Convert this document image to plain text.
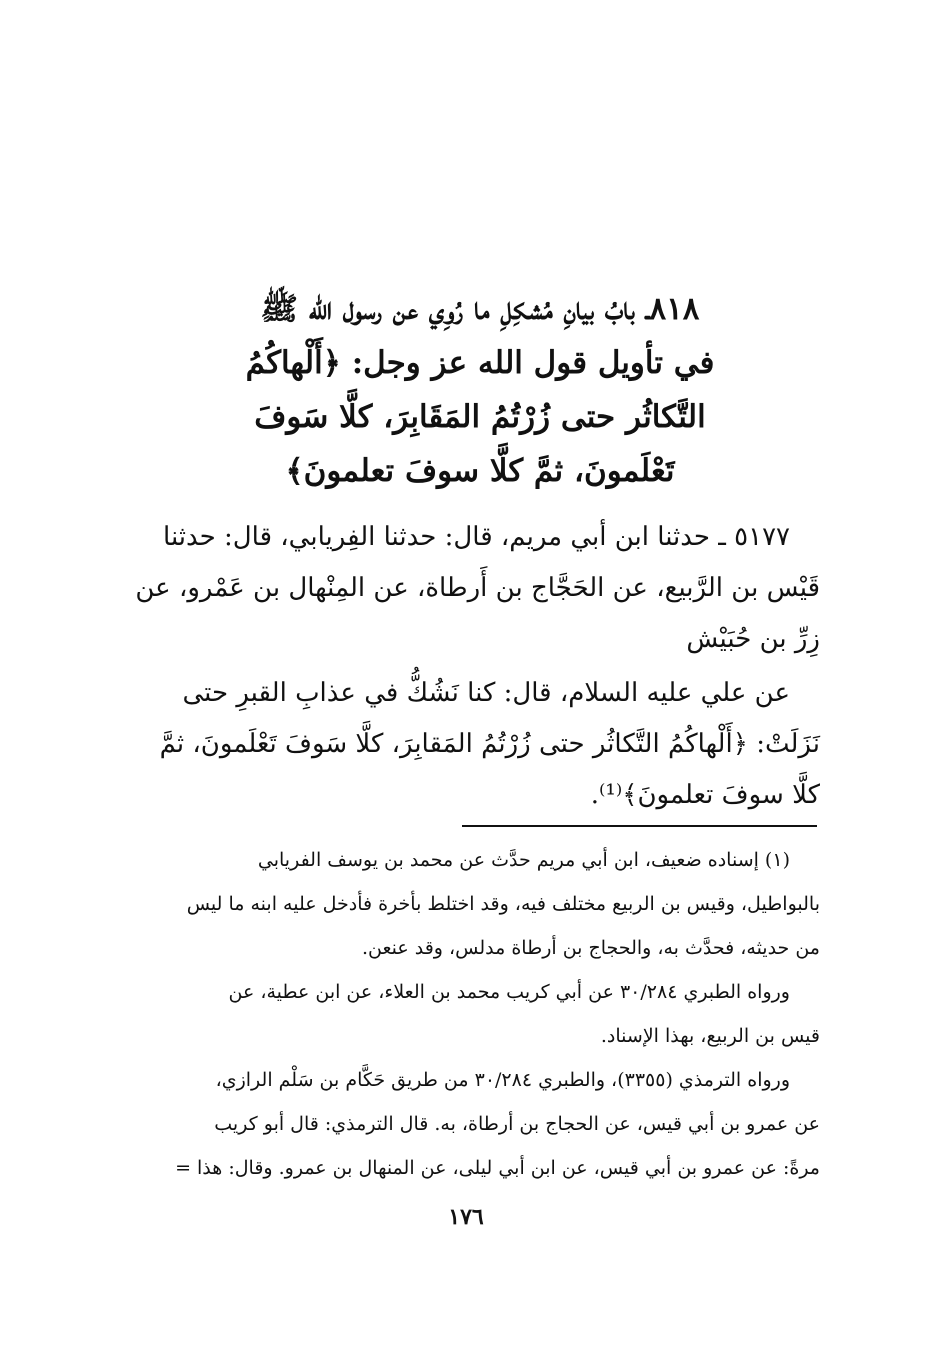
٨١٨ـ بابُ بيانِ مُشكِلِ ما رُوِي عن رسول الله ﷺ
في تأويل قول الله عز وجل: ﴿أَلْهاكُمُ
التَّكاثُر حتى زُرْتُمُ المَقَابِرَ، كلَّا سَوفَ
تَعْلَمونَ، ثمَّ كلَّا سوفَ تعلمونَ﴾

٥١٧٧ ـ حدثنا ابن أبي مريم، قال: حدثنا الفِريابي، قال: حدثنا
قَيْس بن الرَّبيع، عن الحَجَّاج بن أَرطاة، عن المِنْهال بن عَمْرو، عن
زِرِّ بن حُبَيْش

عن علي عليه السلام، قال: كنا نَشُكُّ في عذابِ القبرِ حتى
نَزَلَتْ: ﴿أَلْهاكُمُ التَّكاثُر حتى زُرْتُمُ المَقابِرَ، كلَّا سَوفَ تَعْلَمونَ، ثمَّ
كلَّا سوفَ تعلمونَ﴾⁽¹⁾.

(١) إسناده ضعيف، ابن أبي مريم حدَّث عن محمد بن يوسف الفريابي
بالبواطيل، وقيس بن الربيع مختلف فيه، وقد اختلط بأخرة فأدخل عليه ابنه ما ليس
من حديثه، فحدَّث به، والحجاج بن أرطاة مدلس، وقد عنعن.
ورواه الطبري ٣٠/٢٨٤ عن أبي كريب محمد بن العلاء، عن ابن عطية، عن
قيس بن الربيع، بهذا الإسناد.
ورواه الترمذي (٣٣٥٥)، والطبري ٣٠/٢٨٤ من طريق حَكَّام بن سَلْم الرازي،
عن عمرو بن أبي قيس، عن الحجاج بن أرطاة، به. قال الترمذي: قال أبو كريب
مرةً: عن عمرو بن أبي قيس، عن ابن أبي ليلى، عن المنهال بن عمرو. وقال: هذا =
١٧٦
